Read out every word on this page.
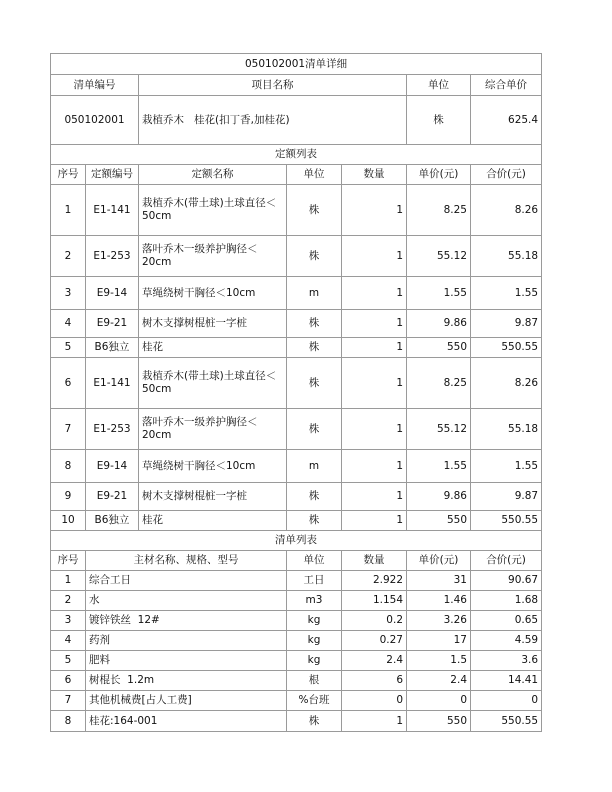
050102001清单详细						
清单编号		项目名称			单位	综合单价
050102001		栽植乔木   桂花(扣丁香,加桂花)			株	625.4
定额列表						
序号	定额编号	定额名称	单位	数量	单价(元)	合价(元)
1	E1-141	栽植乔木(带土球)土球直径＜50cm	株	1	8.25	8.26
2	E1-253	落叶乔木一级养护胸径＜20cm	株	1	55.12	55.18
3	E9-14	草绳绕树干胸径＜10cm	m	1	1.55	1.55
4	E9-21	树木支撑树棍桩一字桩	株	1	9.86	9.87
5	B6独立	桂花	株	1	550	550.55
6	E1-141	栽植乔木(带土球)土球直径＜50cm	株	1	8.25	8.26
7	E1-253	落叶乔木一级养护胸径＜20cm	株	1	55.12	55.18
8	E9-14	草绳绕树干胸径＜10cm	m	1	1.55	1.55
9	E9-21	树木支撑树棍桩一字桩	株	1	9.86	9.87
10	B6独立	桂花	株	1	550	550.55
清单列表						
序号	主材名称、规格、型号		单位	数量	单价(元)	合价(元)
1	综合工日		工日	2.922	31	90.67
2	水		m3	1.154	1.46	1.68
3	镀锌铁丝  12#		kg	0.2	3.26	0.65
4	药剂		kg	0.27	17	4.59
5	肥料		kg	2.4	1.5	3.6
6	树棍长  1.2m		根	6	2.4	14.41
7	其他机械费[占人工费]		%台班	0	0	0
8	桂花:164-001		株	1	550	550.55
